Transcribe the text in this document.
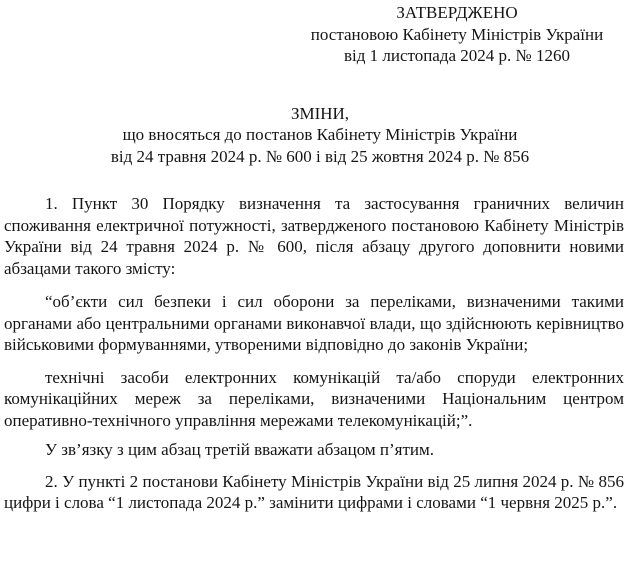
ЗАТВЕРДЖЕНО
постановою Кабінету Міністрів України
від 1 листопада 2024 р. № 1260
ЗМІНИ,
що вносяться до постанов Кабінету Міністрів України
від 24 травня 2024 р. № 600 і від 25 жовтня 2024 р. № 856

1. Пункт 30 Порядку визначення та застосування граничних величин споживання електричної потужності, затвердженого постановою Кабінету Міністрів України від 24 травня 2024 р. № 600, після абзацу другого доповнити новими абзацами такого змісту:

“об’єкти сил безпеки і сил оборони за переліками, визначеними такими органами або центральними органами виконавчої влади, що здійснюють керівництво військовими формуваннями, утвореними відповідно до законів України;

технічні засоби електронних комунікацій та/або споруди електронних комунікаційних мереж за переліками, визначеними Національним центром оперативно-технічного управління мережами телекомунікацій;”.

У зв’язку з цим абзац третій вважати абзацом п’ятим.

2. У пункті 2 постанови Кабінету Міністрів України від 25 липня 2024 р. № 856 цифри і слова “1 листопада 2024 р.” замінити цифрами і словами “1 червня 2025 р.”.
